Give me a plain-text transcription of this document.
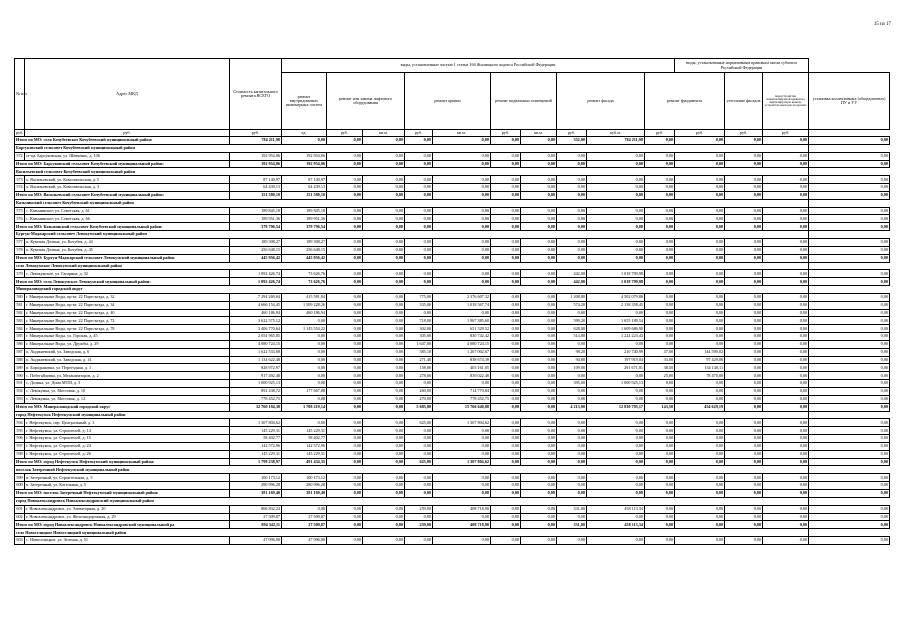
15 из 17
№ п/п	Адрес МКД	Стоимость капитального ремонта ВСЕГО	виды, установленные частью 1 статьи 166 Жилищного кодекса Российской Федерации										виды, установленные нормативным правовым актом субъекта Российской Федерации			
			ремонт внутридомовых инженерных систем	ремонт или замена лифтового оборудования		ремонт крыши		ремонт подвальных помещений		ремонт фасада		ремонт фундамента		утепление фасадов	переустройство невентилируемой крыши на вентилируемую крышу, устройство выходов на кровлю	установка коллективных (общедомовых) ПУ и УУ
руб.	руб.	руб.	ед.	руб.	кв.м.	руб.	кв.м.	руб.	кв.м.	руб.	куб.м.	руб.	руб.	руб.	руб.	
Итого по МО: село Кочубеевское Кочубеевский муниципальный район:		784 211,98	0,00	0,00	0,00	0,00	0,00	0,00	0,00	352,00	784 211,98	0,00	0,00	0,00	0,00	0,00
Барсуковский сельсовет Кочубеевский муниципальный район																
572	ст-ца. Барсуковская, ул. Шевченко, д. 106	192 954,06	192 954,06	0,00	0,00	0,00	0,00	0,00	0,00	0,00	0,00	0,00	0,00	0,00	0,00	0,00
Итого по МО: Барсуковский сельсовет Кочубеевский муниципальный район:		192 954,06	192 954,06	0,00	0,00	0,00	0,00	0,00	0,00	0,00	0,00	0,00	0,00	0,00	0,00	0,00
Васильевский сельсовет Кочубеевский муниципальный район																
573	х. Васильевский, ул. Комсомольская, д. 5	87 140,97	87 140,97	0,00	0,00	0,00	0,00	0,00	0,00	0,00	0,00	0,00	0,00	0,00	0,00	0,00
574	х. Васильевский, ул. Комсомольская, д. 3	64 439,13	64 439,13	0,00	0,00	0,00	0,00	0,00	0,00	0,00	0,00	0,00	0,00	0,00	0,00	0,00
Итого по МО: Васильевский сельсовет Кочубеевский муниципальный район:		151 580,10	151 580,10	0,00	0,00	0,00	0,00	0,00	0,00	0,00	0,00	0,00	0,00	0,00	0,00	0,00
Казьминский сельсовет Кочубеевский муниципальный район																
575	с. Казьминское, ул. Советская, д. 61	189 845,18	189 845,18	0,00	0,00	0,00	0,00	0,00	0,00	0,00	0,00	0,00	0,00	0,00	0,00	0,00
576	с. Казьминское, ул. Советская, д. 66	189 951,36	189 951,36	0,00	0,00	0,00	0,00	0,00	0,00	0,00	0,00	0,00	0,00	0,00	0,00	0,00
Итого по МО: Казьминский сельсовет Кочубеевский муниципальный район:		379 796,54	379 796,54	0,00	0,00	0,00	0,00	0,00	0,00	0,00	0,00	0,00	0,00	0,00	0,00	0,00
Бургун-Маджарский сельсовет Левокумский муниципальный район																
577	п. Кумская Долина, ул. Кочубея, д. 44	189 308,27	189 308,27	0,00	0,00	0,00	0,00	0,00	0,00	0,00	0,00	0,00	0,00	0,00	0,00	0,00
578	п. Кумская Долина, ул. Кочубея, д. 45	256 648,15	256 648,15	0,00	0,00	0,00	0,00	0,00	0,00	0,00	0,00	0,00	0,00	0,00	0,00	0,00
Итого по МО: Бургун-Маджарский сельсовет Левокумский муниципальный район		445 956,42	445 956,42	0,00	0,00	0,00	0,00	0,00	0,00	0,00	0,00	0,00	0,00	0,00	0,00	0,00
село Левокумское Левокумский муниципальный район																
579	с. Левокумское, ул. Гагарина, д. 32	1 092 426,74	73 626,76	0,00	0,00	0,00	0,00	0,00	0,00	442,00	1 018 799,98	0,00	0,00	0,00	0,00	0,00
Итого по МО: село Левокумское Левокумский муниципальный район:		1 092 426,74	73 626,76	0,00	0,00	0,00	0,00	0,00	0,00	442,00	1 018 799,98	0,00	0,00	0,00	0,00	0,00
Минераловодский городской округ																
580	г. Минеральные Воды, пр-кт. 22 Партсъезда, д. 32	7 294 269,04	415 581,84	0,00	0,00	775,00	2 376 607,32	0,00	0,00	1 208,80	4 502 079,88	0,00	0,00	0,00	0,00	0,00
581	г. Минеральные Воды, пр-кт. 22 Партсъезда, д. 34	4 666 154,45	1 509 228,26	0,00	0,00	335,00	1 018 567,74	0,00	0,00	574,20	2 138 358,45	0,00	0,00	0,00	0,00	0,00
582	г. Минеральные Воды, пр-кт. 22 Партсъезда, д. 40	460 186,94	460 186,94	0,00	0,00	0,00	0,00	0,00	0,00	0,00	0,00	0,00	0,00	0,00	0,00	0,00
583	г. Минеральные Воды, пр-кт. 22 Партсъезда, д. 72	3 622 575,12	0,00	0,00	0,00	718,00	1 967 385,60	0,00	0,00	599,20	1 655 189,54	0,00	0,00	0,00	0,00	0,00
584	г. Минеральные Воды, пр-кт. 22 Партсъезда, д. 78	3 406 770,64	1 145 554,22	0,00	0,00	302,00	651 529,52	0,00	0,00	628,00	1 609 686,90	0,00	0,00	0,00	0,00	0,00
585	г. Минеральные Воды, ул. Горская, д. 45	2 054 965,85	0,00	0,00	0,00	305,00	830 742,42	0,00	0,00	514,80	1 224 223,43	0,00	0,00	0,00	0,00	0,00
586	г. Минеральные Воды, ул. Дружбы, д. 29	4 080 724,15	0,00	0,00	0,00	1 647,00	4 080 724,15	0,00	0,00	0,00	0,00	0,00	0,00	0,00	0,00	0,00
587	п. Анджиевский, ул. Заводская, д. 6	1 622 533,68	0,00	0,00	0,00	385,10	1 267 002,67	0,00	0,00	98,20	210 740,99	47,00	144 590,02	0,00	0,00	0,00
588	п. Анджиевский, ул. Заводская, д. 14	1 134 622,48	0,00	0,00	0,00	271,40	838 674,39	0,00	0,00	94,80	197 919,04	33,00	97 429,06	0,00	0,00	0,00
589	п. Бородыновка, ул. Переездная, д. 1	828 972,97	0,00	0,00	0,00	158,00	403 161,05	0,00	0,00	109,00	291 671,81	38,50	134 140,11	0,00	0,00	0,00
590	с. Побегайловка, ул. Механизаторов, д. 2	917 492,48	0,00	0,00	0,00	278,00	839 022,48	0,00	0,00	0,00	0,00	25,00	78 470,00	0,00	0,00	0,00
591	с. Долина, ул. Дома МТМ, д. 3	1 000 925,13	0,00	0,00	0,00	0,00	0,00	0,00	0,00	395,00	1 000 925,13	0,00	0,00	0,00	0,00	0,00
592	с. Левокумка, ул. Мостовая, д. 10	892 438,72	177 667,88	0,00	0,00	260,00	714 770,84	0,00	0,00	0,00	0,00	0,00	0,00	0,00	0,00	0,00
593	с. Левокумка, ул. Мостовая, д. 12	778 452,75	0,00	0,00	0,00	270,00	778 452,75	0,00	0,00	0,00	0,00	0,00	0,00	0,00	0,00	0,00
Итого по МО: Минераловодский городской округ		32 760 184,38	3 708 219,14	0,00	0,00	5 685,80	15 766 640,88	0,00	0,00	4 213,00	12 830 795,17	143,50	454 629,19	0,00	0,00	0,00
город Нефтекумск Нефтекумский муниципальный район																
594	г. Нефтекумск, пер. Центральный, д. 3	1 307 804,62	0,00	0,00	0,00	625,00	1 307 804,62	0,00	0,00	0,00	0,00	0,00	0,00	0,00	0,00	0,00
595	г. Нефтекумск, ул. Строителей, д. 14	145 229,31	145 229,31	0,00	0,00	0,00	0,00	0,00	0,00	0,00	0,00	0,00	0,00	0,00	0,00	0,00
596	г. Нефтекумск, ул. Строителей, д. 15	58 402,77	58 402,77	0,00	0,00	0,00	0,00	0,00	0,00	0,00	0,00	0,00	0,00	0,00	0,00	0,00
597	г. Нефтекумск, ул. Строителей, д. 24	142 572,96	142 572,96	0,00	0,00	0,00	0,00	0,00	0,00	0,00	0,00	0,00	0,00	0,00	0,00	0,00
598	г. Нефтекумск, ул. Строителей, д. 26	145 229,31	145 229,31	0,00	0,00	0,00	0,00	0,00	0,00	0,00	0,00	0,00	0,00	0,00	0,00	0,00
Итого по МО: город Нефтекумск Нефтекумский муниципальный район:		1 799 238,97	491 434,35	0,00	0,00	625,00	1 307 804,62	0,00	0,00	0,00	0,00	0,00	0,00	0,00	0,00	0,00
поселок Затеречный Нефтекумский муниципальный район																
599	п. Затеречный, ул. Строительная, д. 5	100 173,12	100 173,12	0,00	0,00	0,00	0,00	0,00	0,00	0,00	0,00	0,00	0,00	0,00	0,00	0,00
600	п. Затеречный, ул. Котельная, д. 5	280 996,28	280 996,28	0,00	0,00	0,00	0,00	0,00	0,00	0,00	0,00	0,00	0,00	0,00	0,00	0,00
Итого по МО: поселок Затеречный Нефтекумский муниципальный район:		381 169,40	381 169,40	0,00	0,00	0,00	0,00	0,00	0,00	0,00	0,00	0,00	0,00	0,00	0,00	0,00
город Новоалександровск Новоалександровский муниципальный район																
601	г. Новоалександровск, ул. Элеваторная, д. 20	866 832,24	0,00	0,00	0,00	259,00	408 718,90	0,00	0,00	331,00	458 113,34	0,00	0,00	0,00	0,00	0,00
602	г. Новоалександровск, ул. Железнодорожная, д. 29	27 509,87	27 509,87	0,00	0,00	0,00	0,00	0,00	0,00	0,00	0,00	0,00	0,00	0,00	0,00	0,00
Итого по МО: город Новоалександровск Новоалександровский муниципальный ра		894 342,11	27 509,87	0,00	0,00	259,00	408 718,90	0,00	0,00	331,00	458 113,34	0,00	0,00	0,00	0,00	0,00
село Новоселицкое Новоселицкий муниципальный район																
603	с. Новоселицкое, ул. Зеленая, д. 51	47 096,00	47 096,00	0,00	0,00	0,00	0,00	0,00	0,00	0,00	0,00	0,00	0,00	0,00	0,00	0,00
